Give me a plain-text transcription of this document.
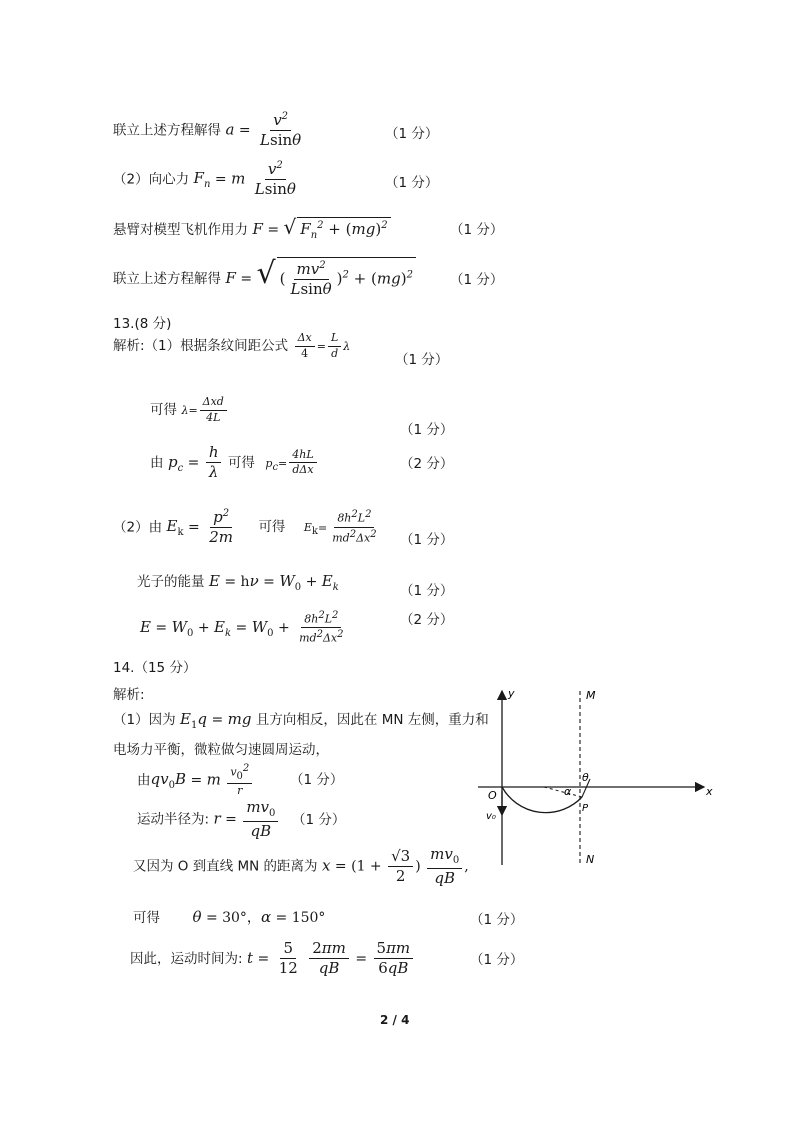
联立上述方程解得 $a = \frac{v^2}{Lsin\theta}$	（1 分）
（2）向心力 $F_n = m \frac{v^2}{Lsin\theta}$	（1 分）
悬臂对模型飞机作用力 F = √ $F_n^2 + (mg)^2$	（1 分）
联立上述方程解得 F = √ ( $\frac{mv^2}{Lsin\theta} )^2 + (mg)^2$	（1 分）
13.(8 分)
解析:（1）根据条纹间距公式 $\frac{\Delta x}{4} = \frac{L}{d}$ λ
（1 分）
可得 $\lambda= \frac{\text{Δxd}}{4L}$
（1 分）
由 $p_c = \frac{h}{\lambda}$ 可得 $pc= \frac{4hL}{\text{dΔx}}$	（2 分）
（2）由 $E_k = \frac{p^2}{2m}$ 可得 $Ek= \frac{8h2L2}{md2\Delta x2} (1$ 分）
光子的能量 $E = h\nu = W_0 + E_k$	（1 分）
$E = W_0 + E_k = W_0 + \frac{8h2L2}{md2\Delta x2}$	（2 分）
14.（15 分）
解析:
（1）因为 $E_1q$ = mg 且方向相反，因此在 MN 左侧，重力和
电场力平衡，微粒做匀速圆周运动，
由$qv_0B = m \frac{v02}{r}$	（1 分）
运动半径为: $r = \frac{mv_0}{qB} (1$ 分）
又因为 O 到直线 MN 的距离为 $x = (1 + \frac{√3}{2}$ ) $\frac{mv_0}{qB}$ ,
可得 θ = 30°，α = 150°	（1 分）
因此，运动时间为: $t = \frac{5}{12}$
$\frac{2\pi m}{qB} = \frac{5\pi m}{6qB}$	（1 分）
y
x
M
N
O
P
θ
α
v₀
2 / 4
